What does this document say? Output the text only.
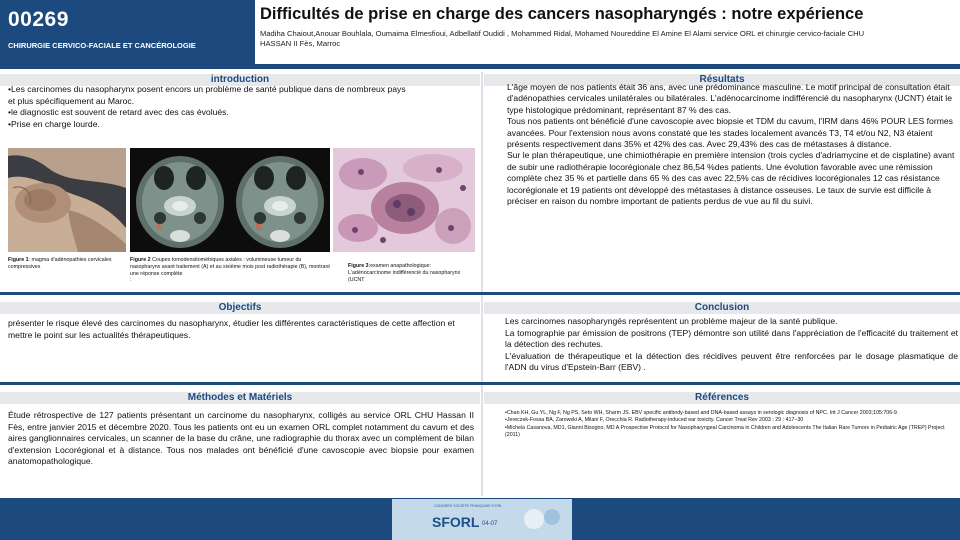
00269
CHIRURGIE CERVICO-FACIALE ET CANCÉROLOGIE
Difficultés de prise en charge des cancers nasopharyngés : notre expérience
Madiha Chaiout,Anouar Bouhlala, Oumaima Elmesfioui, Adbellatif Oudidi , Mohammed Ridal, Mohamed Noureddine El Amine El Alami service ORL et chirurgie cervico-faciale CHU
HASSAN II Fès, Marroc
introduction
•Les carcinomes du nasopharynx posent encors un problème de santé publique dans de nombreux pays
et plus spécifiquement au Maroc.
•le diagnostic est souvent de retard avec des cas évolués.
•Prise en charge lourde.
Figure 1: magma d'adénopathies cervicales compressives
A	B
Figure 2 Coupes tomodensitométriques axiales : volumineuse tumeur du nasopharynx avant traitement (A) et au sixième mois post radiothérapie (B), montrant une réponse complète
:
Figure 3:examen anapathologique: L'adénocarcinome indifférencié du nasopharynx (UCNT
Résultats

L'âge moyen de nos patients était 36 ans, avec une prédominance masculine. Le motif principal de consultation était d'adénopathies cervicales unilatérales ou bilatérales. L'adénocarcinome indifférencié du nasopharynx (UCNT) était le type histologique prédominant, représentant 87 % des cas.

Tous nos patients ont bénéficié d'une cavoscopie avec biopsie et TDM du cavum, l'IRM dans 46% POUR LES formes avancées. Pour l'extension nous avons constaté que les stades localement avancés T3, T4 et/ou N2, N3 étaient présents respectivement dans 35% et 42% des cas. Avec 29,43% des cas de métastases à distance.

Sur le plan thérapeutique, une chimiothérapie en première intension (trois cycles d'adriamycine et de cisplatine) avant de subir une radiothérapie locorégionale chez 86,54 %des patients. Une évolution favorable avec une rémission complète chez 35 % et partielle dans 65 % des cas avec 22,5% cas de récidives locorégionales 12 cas résistance locorégionale et 19 patients ont développé des métastases à distance osseuses. Le taux de survie est difficile à préciser en raison du nombre important de patients perdus de vue au fil du suivi.

Objectifs
présenter le risque élevé des carcinomes du nasopharynx, étudier les différentes caractéristiques de cette affection et mettre le point sur les actualités thérapeutiques.
Conclusion

Les carcinomes nasopharyngés représentent un problème majeur de la santé publique.

La tomographie par émission de positrons (TEP) démontre son utilité dans l'appréciation de l'efficacité du traitement et la détection des rechutes.

L'évaluation de thérapeutique et la détection des récidives peuvent être renforcées par le dosage plasmatique de l'ADN du virus d'Epstein-Barr (EBV) .

Méthodes et Matériels
Étude rétrospective de 127 patients présentant un carcinome du nasopharynx, colligés au service ORL CHU Hassan II Fès, entre janvier 2015 et décembre 2020. Tous les patients ont eu un examen ORL complet notamment du cavum et des aires ganglionnaires cervicales, un scanner de la base du crâne, une radiographie du thorax avec un complément de bilan d'extension Locorégional et à distance. Tous nos malades ont bénéficié d'une cavoscopie avec biopsie pour examen anatomopathologique.
Références
•Chan KH, Gu YL, Ng F, Ng PS, Seto WH, Sharm JS. EBV specific antibody-based and DNA-based assays in serologic diagnosis of NPC. Int J Cancer 2003;105:706-9.
•Jereczek-Fossa BA, Zarowski A, Milani F, Orecchia R. Radiotherapy-induced ear toxicity. Cancer Treat Rev 2003 ; 29 : 417–30
•Michela Casanova, MD1, Gianni Bisogno, MD A Prospective Protocol for Nasopharyngeal Carcinoma in Children and Adolescents The Italian Rare Tumors in Pediatric Age (TREP) Project (2011)
CONGRÈS SOCIÉTÉ FRANÇAISE D'ORL
SFORL 04-07
